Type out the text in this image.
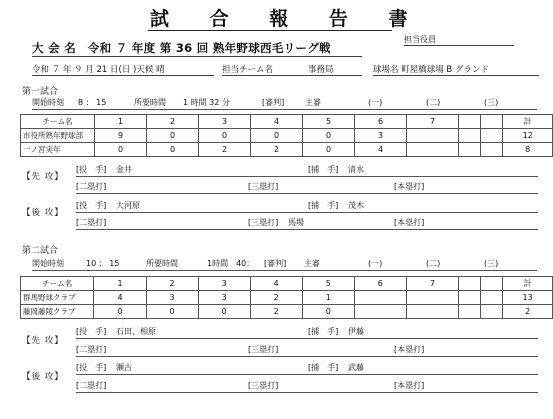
試 合 報 告 書
担当役員
大 会 名　令和 ７ 年度 第 36 回 熟年野球西毛リーグ戦
令和 ７ 年 ９ 月 21 日(日 )天候 晴	担当チーム名	事務局	球場名 町屋橋球場 B グランド
第一試合
開始時刻 8 ： 15	所要時間 1 時間 32 分	[審判]	主審	(一)	(二)	(三)
チーム名	1	2	3	4	5	6	7			計
市役所熟年野球部	9	0	0	0	0	3				12
一ノ宮実年	0	0	2	2	0	4				8
【先 攻】
[投　手] 金井	[捕　手] 清水
[二塁打]	[三塁打]	[本塁打]
【後 攻】
[投　手] 大河原	[捕　手] 茂木
[二塁打]	[三塁打] 馬場	[本塁打]
第二試合
開始時刻	10 ： 15	所要時間	1時間　40： [審判] 主審	(一)	(二)	(三)
チーム名	1	2	3	4	5	6	7			計
群馬野球クラブ	4	3	3	2	1					13
藤岡藤陵クラブ	0	0	0	2	0					2
【先 攻】
[投　手] 石田、相原	[捕　手] 伊藤
[二塁打]	[三塁打]	[本塁打]
【後 攻】
[投　手] 瀬古	[捕　手] 武藤
[二塁打]	[三塁打]	[本塁打]
